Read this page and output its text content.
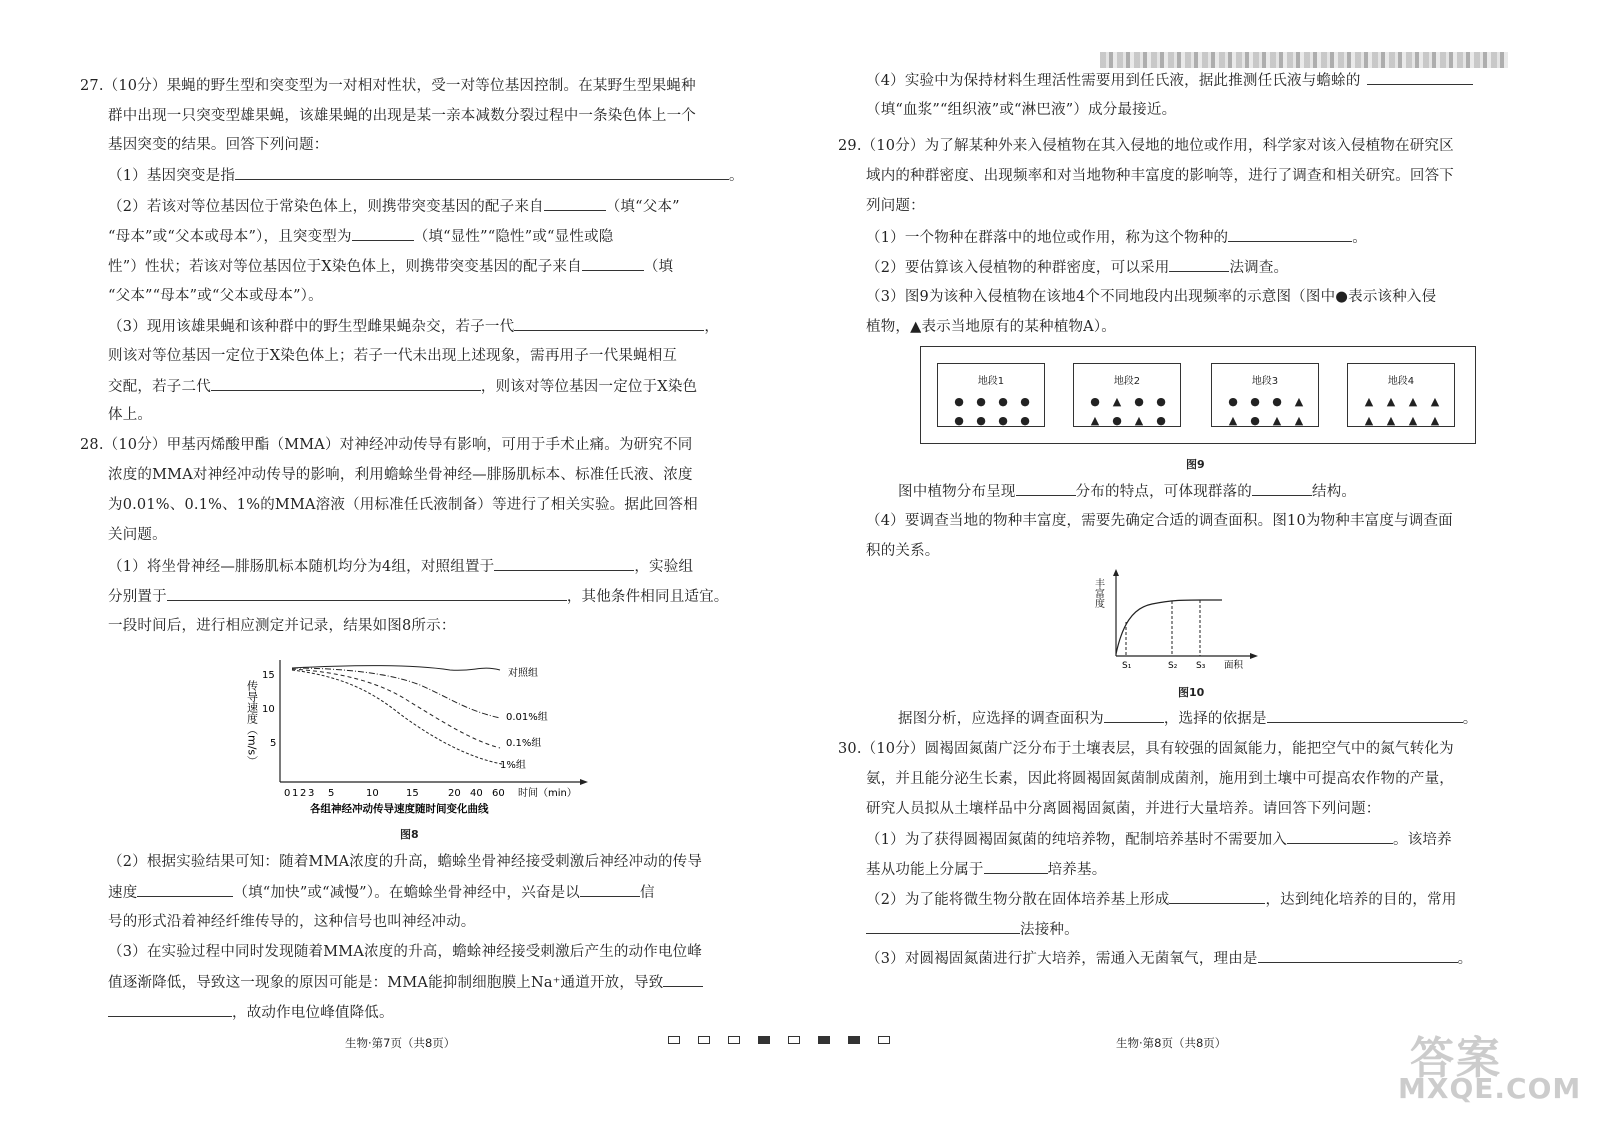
27.（10分）果蝇的野生型和突变型为一对相对性状，受一对等位基因控制。在某野生型果蝇种
群中出现一只突变型雄果蝇，该雄果蝇的出现是某一亲本减数分裂过程中一条染色体上一个
基因突变的结果。回答下列问题：
（1）基因突变是指	。
（2）若该对等位基因位于常染色体上，则携带突变基因的配子来自	（填“父本”
“母本”或“父本或母本”），且突变型为	（填“显性”“隐性”或“显性或隐
性”）性状；若该对等位基因位于X染色体上，则携带突变基因的配子来自	（填
“父本”“母本”或“父本或母本”）。
（3）现用该雄果蝇和该种群中的野生型雌果蝇杂交，若子一代	，
则该对等位基因一定位于X染色体上；若子一代未出现上述现象，需再用子一代果蝇相互
交配，若子二代	，则该对等位基因一定位于X染色
体上。
28.（10分）甲基丙烯酸甲酯（MMA）对神经冲动传导有影响，可用于手术止痛。为研究不同
浓度的MMA对神经冲动传导的影响，利用蟾蜍坐骨神经—腓肠肌标本、标准任氏液、浓度
为0.01%、0.1%、1%的MMA溶液（用标准任氏液制备）等进行了相关实验。据此回答相
关问题。
（1）将坐骨神经—腓肠肌标本随机均分为4组，对照组置于	，实验组
分别置于	，其他条件相同且适宜。
一段时间后，进行相应测定并记录，结果如图8所示：
传导速度（m/s）
15
10
5
0 1 2 3 5	10	15	20 40 60 时间（min）
对照组
0.01%组
0.1%组
1%组
各组神经冲动传导速度随时间变化曲线
图8
（2）根据实验结果可知：随着MMA浓度的升高，蟾蜍坐骨神经接受刺激后神经冲动的传导
速度	（填“加快”或“减慢”）。在蟾蜍坐骨神经中，兴奋是以	信
号的形式沿着神经纤维传导的，这种信号也叫神经冲动。
（3）在实验过程中同时发现随着MMA浓度的升高，蟾蜍神经接受刺激后产生的动作电位峰
值逐渐降低，导致这一现象的原因可能是：MMA能抑制细胞膜上Na⁺通道开放，导致
，故动作电位峰值降低。
生物·第7页（共8页）
（4）实验中为保持材料生理活性需要用到任氏液，据此推测任氏液与蟾蜍的
（填“血浆”“组织液”或“淋巴液”）成分最接近。
29.（10分）为了解某种外来入侵植物在其入侵地的地位或作用，科学家对该入侵植物在研究区
域内的种群密度、出现频率和对当地物种丰富度的影响等，进行了调查和相关研究。回答下
列问题：
（1）一个物种在群落中的地位或作用，称为这个物种的	。
（2）要估算该入侵植物的种群密度，可以采用	法调查。
（3）图9为该种入侵植物在该地4个不同地段内出现频率的示意图（图中●表示该种入侵
植物，▲表示当地原有的某种植物A）。
地段1
● ● ● ●● ● ● ●
地段2
● ▲ ● ●▲ ● ▲ ●
地段3
● ● ● ▲▲ ● ▲ ▲
地段4
▲ ▲ ▲ ▲▲ ▲ ▲ ▲
图9
图中植物分布呈现	分布的特点，可体现群落的	结构。
（4）要调查当地的物种丰富度，需要先确定合适的调查面积。图10为物种丰富度与调查面
积的关系。
丰富度
S₁	S₂ S₃ 面积
图10
据图分析，应选择的调查面积为	，选择的依据是	。
30.（10分）圆褐固氮菌广泛分布于土壤表层，具有较强的固氮能力，能把空气中的氮气转化为
氨，并且能分泌生长素，因此将圆褐固氮菌制成菌剂，施用到土壤中可提高农作物的产量，
研究人员拟从土壤样品中分离圆褐固氮菌，并进行大量培养。请回答下列问题：
（1）为了获得圆褐固氮菌的纯培养物，配制培养基时不需要加入	。该培养
基从功能上分属于	培养基。
（2）为了能将微生物分散在固体培养基上形成	，达到纯化培养的目的，常用
法接种。
（3）对圆褐固氮菌进行扩大培养，需通入无菌氧气，理由是	。
生物·第8页（共8页）	答案
MXQE.COM
